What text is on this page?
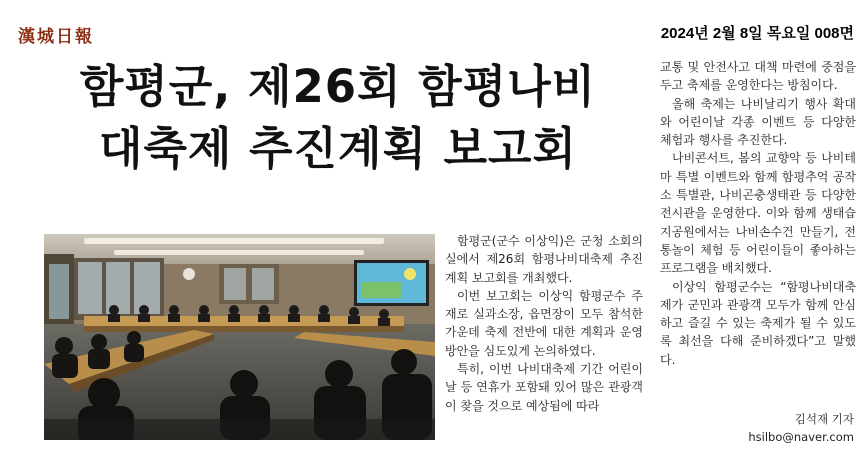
漢城日報	2024년 2월 8일 목요일 008면
함평군, 제26회 함평나비
대축제 추진계획 보고회

함평군(군수 이상익)은 군청 소회의실에서 제26회 함평나비대축제 추진계획 보고회를 개최했다.

이번 보고회는 이상익 함평군수 주재로 실과소장, 읍면장이 모두 참석한 가운데 축제 전반에 대한 계획과 운영방안을 심도있게 논의하였다.

특히, 이번 나비대축제 기간 어린이날 등 연휴가 포함돼 있어 많은 관광객이 찾을 것으로 예상됨에 따라

교통 및 안전사고 대책 마련에 중점을 두고 축제를 운영한다는 방침이다.

올해 축제는 나비날리기 행사 확대와 어린이날 각종 이벤트 등 다양한 체험과 행사를 추진한다.

나비콘서트, 봄의 교향악 등 나비테마 특별 이벤트와 함께 함평추억 공작소 특별관, 나비곤충생태관 등 다양한 전시관을 운영한다. 이와 함께 생태습지공원에서는 나비손수건 만들기, 전통놀이 체험 등 어린이들이 좋아하는 프로그램을 배치했다.

이상익 함평군수는 “함평나비대축제가 군민과 관광객 모두가 함께 안심하고 즐길 수 있는 축제가 될 수 있도록 최선을 다해 준비하겠다”고 말했다.

김석재 기자
hsilbo@naver.com
